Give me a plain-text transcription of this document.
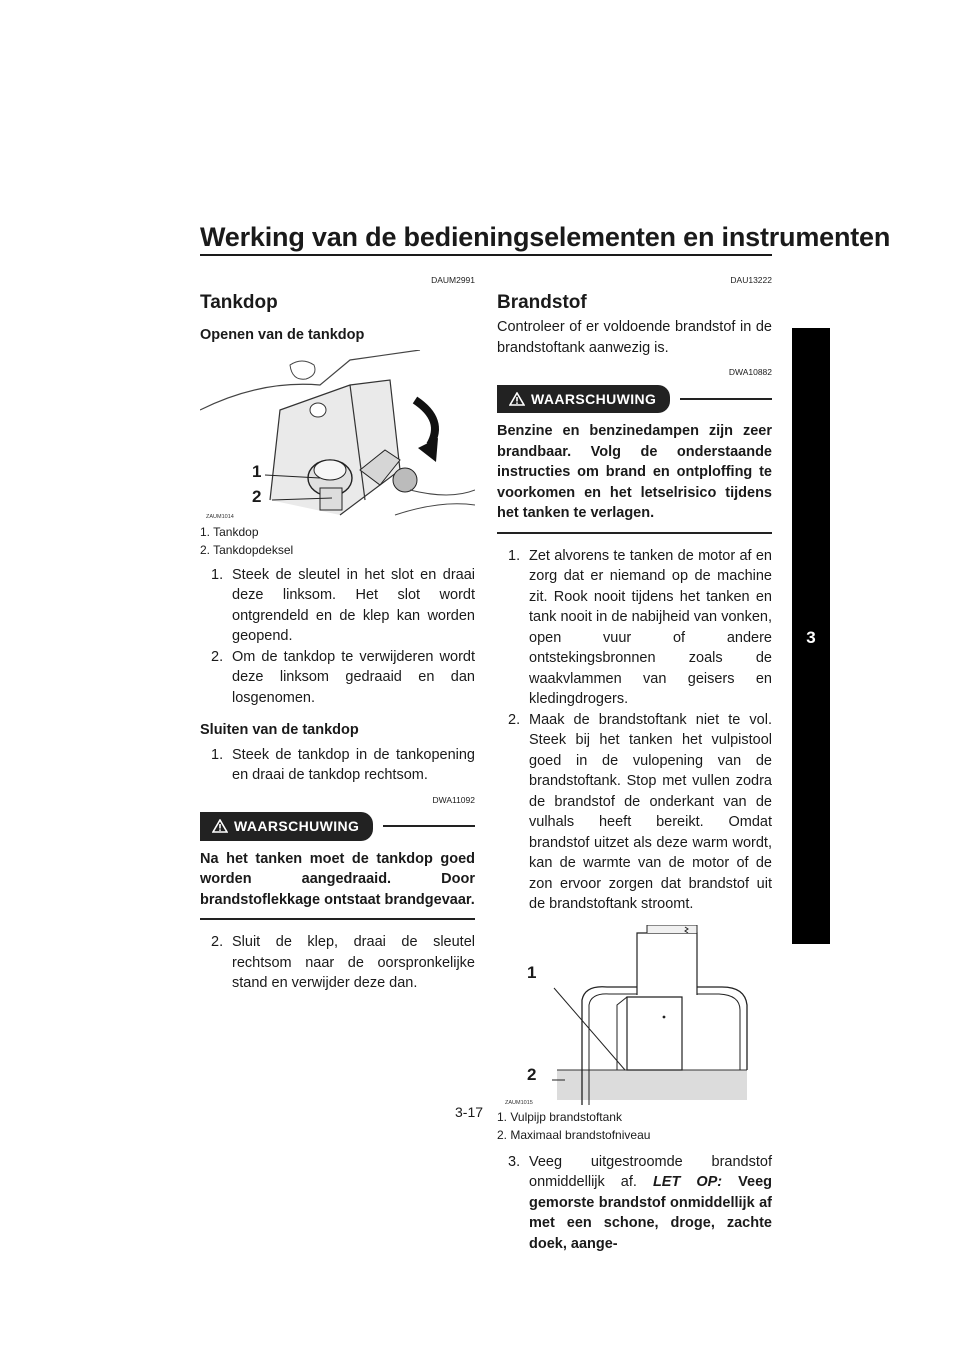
Werking van de bedieningselementen en instrumenten
3
DAUM2991
Tankdop
Openen van de tankdop
ZAUM1014
1
2
1. Tankdop
2. Tankdopdeksel
1. Steek de sleutel in het slot en draai deze linksom. Het slot wordt ontgrendeld en de klep kan worden geopend.
2. Om de tankdop te verwijderen wordt deze linksom gedraaid en dan losgenomen.
Sluiten van de tankdop
1. Steek de tankdop in de tankopening en draai de tankdop rechtsom.
DWA11092
WAARSCHUWING
Na het tanken moet de tankdop goed worden aangedraaid. Door brandstoflekkage ontstaat brandgevaar.
2. Sluit de klep, draai de sleutel rechtsom naar de oorspronkelijke stand en verwijder deze dan.
DAU13222
Brandstof
Controleer of er voldoende brandstof in de brandstoftank aanwezig is.
DWA10882
WAARSCHUWING
Benzine en benzinedampen zijn zeer brandbaar. Volg de onderstaande instructies om brand en ontploffing te voorkomen en het letselrisico tijdens het tanken te verlagen.
1. Zet alvorens te tanken de motor af en zorg dat er niemand op de machine zit. Rook nooit tijdens het tanken en tank nooit in de nabijheid van vonken, open vuur of andere ontstekingsbronnen zoals de waakvlammen van geisers en kledingdrogers.
2. Maak de brandstoftank niet te vol. Steek bij het tanken het vulpistool goed in de vulopening van de brandstoftank. Stop met vullen zodra de brandstof de onderkant van de vulhals heeft bereikt. Omdat brandstof uitzet als deze warm wordt, kan de warmte van de motor of de zon ervoor zorgen dat brandstof uit de brandstoftank stroomt.
ZAUM1015
1
2
1. Vulpijp brandstoftank
2. Maximaal brandstofniveau
3. Veeg uitgestroomde brandstof onmiddellijk af. LET OP: Veeg gemorste brandstof onmiddellijk af met een schone, droge, zachte doek, aange-
3-17
